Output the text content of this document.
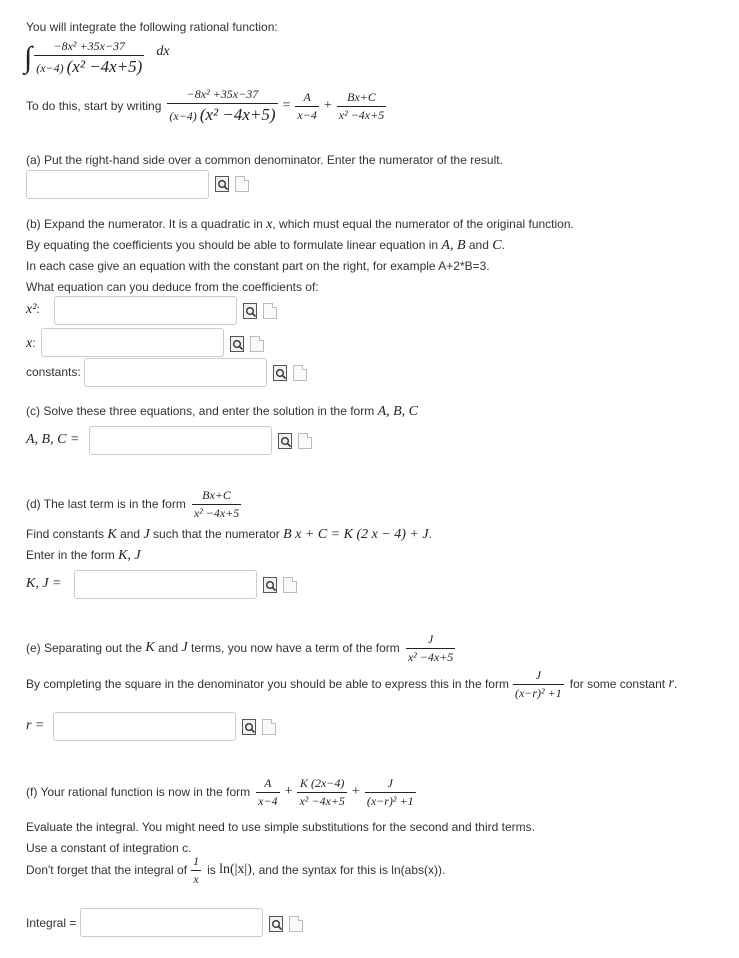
You will integrate the following rational function:
∫ $\frac{\text{−8x² +35x−37}}{\text{(x−4) (x² −4x+5)}}$ dx
To do this, start by writing $\frac{\text{−8x² +35x−37}}{\text{(x−4) (x² −4x+5)}} = \frac{A}{x-4} + \frac{Bx+C}{\text{x² −4x+5}}$
(a) Put the right-hand side over a common denominator. Enter the numerator of the result.
(b) Expand the numerator. It is a quadratic in x, which must equal the numerator of the original function.
By equating the coefficients you should be able to formulate linear equation in A, B and C.
In each case give an equation with the constant part on the right, for example A+2*B=3.
What equation can you deduce from the coefficients of:
x²:
x:
constants:
(c) Solve these three equations, and enter the solution in the form A, B, C
A, B, C =
(d) The last term is in the form $\frac{Bx+C}{\text{x² −4x+5}}$
Find constants K and J such that the numerator B x + C = K (2 x − 4) + J.
Enter in the form K, J
K, J =
(e) Separating out the
K
and
J
terms, you now have a term of the form $\frac{J}{\text{x² −4x+5}}$
By completing the square in the denominator you should be able to express this in the form $\frac{J}{\text{(x−r)² +1}}$ for some constant
r .
r =
(f) Your rational function is now in the form $\frac{A}{x-4} + \frac{K (2x-4)}{\text{x² −4x+5}} + \frac{J}{\text{(x−r)² +1}}$
Evaluate the integral. You might need to use simple substitutions for the second and third terms.
Use a constant of integration c.
Don't forget that the integral of $\frac{1}{x}$ is
ln(|x|) , and the syntax for this is ln(abs(x)).
Integral =
